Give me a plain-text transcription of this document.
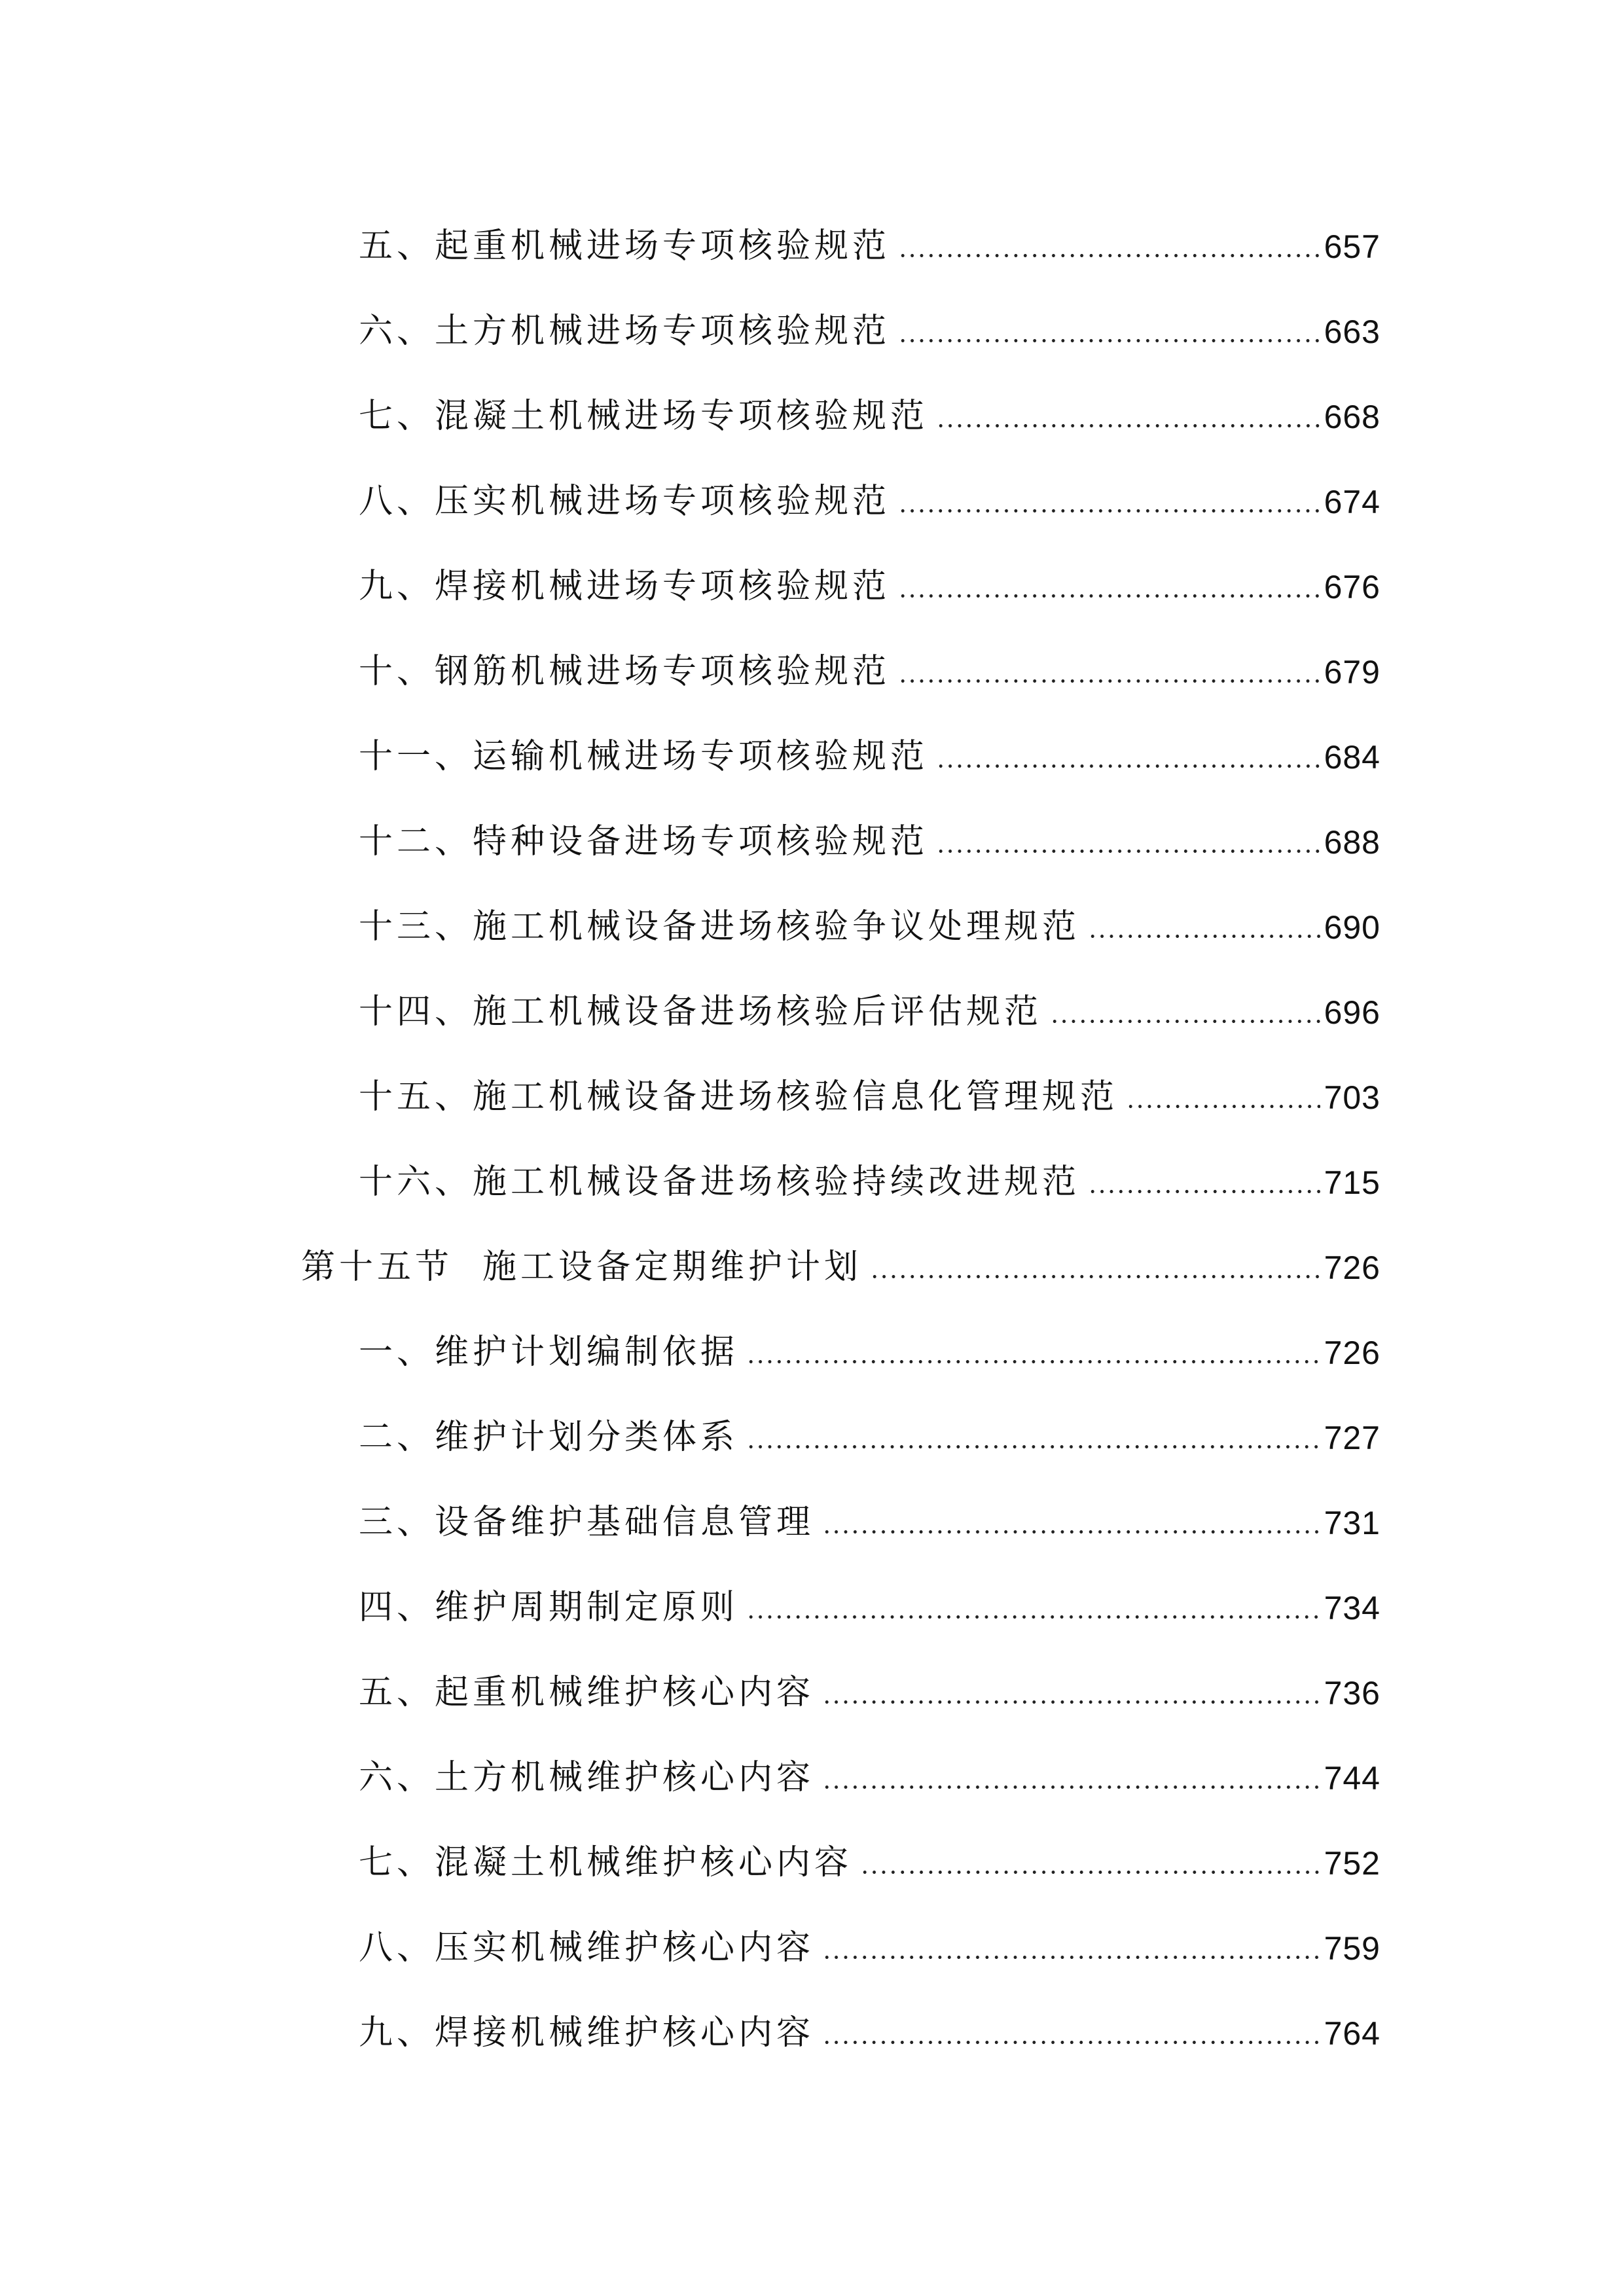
五、起重机械进场专项核验规范	657
六、土方机械进场专项核验规范	663
七、混凝土机械进场专项核验规范	668
八、压实机械进场专项核验规范	674
九、焊接机械进场专项核验规范	676
十、钢筋机械进场专项核验规范	679
十一、运输机械进场专项核验规范	684
十二、特种设备进场专项核验规范	688
十三、施工机械设备进场核验争议处理规范	690
十四、施工机械设备进场核验后评估规范	696
十五、施工机械设备进场核验信息化管理规范	703
十六、施工机械设备进场核验持续改进规范	715
第十五节  施工设备定期维护计划	726
一、维护计划编制依据	726
二、维护计划分类体系	727
三、设备维护基础信息管理	731
四、维护周期制定原则	734
五、起重机械维护核心内容	736
六、土方机械维护核心内容	744
七、混凝土机械维护核心内容	752
八、压实机械维护核心内容	759
九、焊接机械维护核心内容	764
